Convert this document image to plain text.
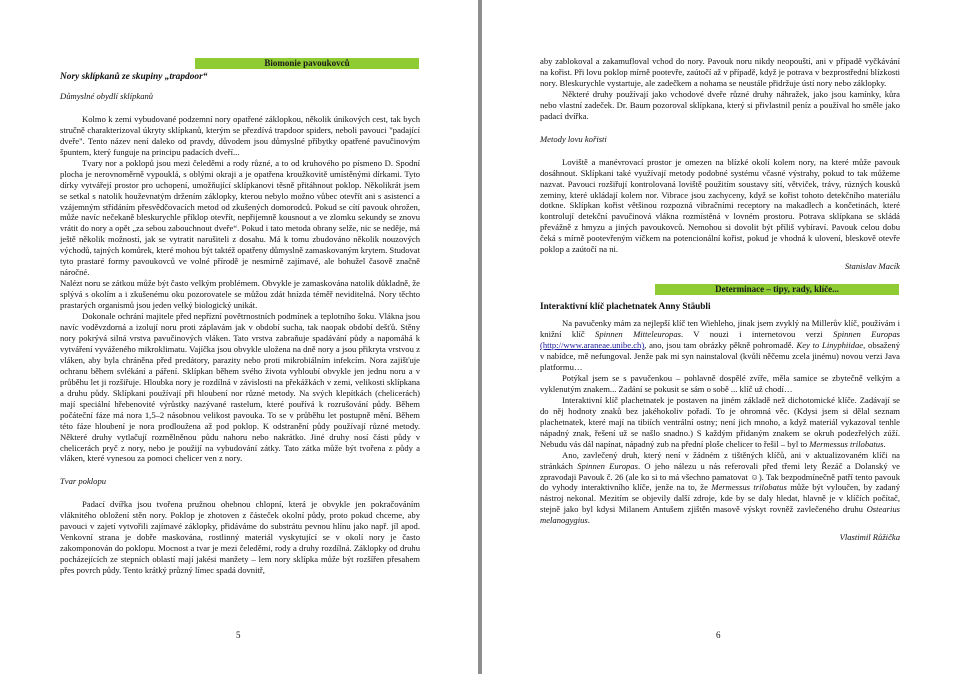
Biomonie pavoukovců
Nory sklípkanů ze skupiny „trapdoor“
Důmyslné obydlí sklípkanů

Kolmo k zemi vybudované podzemní nory opatřené záklopkou, několik únikových cest, tak bych stručně charakterizoval úkryty sklípkanů, kterým se přezdívá trapdoor spiders, neboli pavouci "padající dveře". Tento název není daleko od pravdy, důvodem jsou důmyslné příbytky opatřené pavučinovým špuntem, který funguje na principu padacích dveří...

Tvary nor a poklopů jsou mezi čeleděmi a rody různé, a to od kruhového po písmeno D. Spodní plocha je nerovnoměrně vypouklá, s oblými okraji a je opatřena kroužkovitě umístěnými dírkami. Tyto dírky vytvářejí prostor pro uchopení, umožňující sklípkanovi těsně přitáhnout poklop. Několikrát jsem se setkal s natolik houževnatým držením záklopky, kterou nebylo možno vůbec otevřít ani s asistencí a vzájemným střídáním přesvědčovacích metod od zkušených domorodců. Pokud se cítí pavouk ohrožen, může navíc nečekaně bleskurychle příklop otevřít, nepřijemně kousnout a ve zlomku sekundy se znovu vrátit do nory a opět „za sebou zabouchnout dveře“. Pokud i tato metoda obrany selže, nic se neděje, má ještě několik možností, jak se vytratit narušiteli z dosahu. Má k tomu zbudováno několik nouzových východů, tajných komůrek, které mohou být taktéž opatřeny důmyslně zamaskovaným krytem. Studovat tyto prastaré formy pavoukovců ve volné přírodě je nesmírně zajímavé, ale bohužel časově značně náročné.

Nalézt noru se zátkou může být často velkým problémem. Obvykle je zamaskována natolik důkladně, že splývá s okolím a i zkušenému oku pozorovatele se můžou zdát hnízda téměř neviditelná. Nory těchto prastarých organismů jsou jeden velký biologický unikát.

Dokonale ochrání majitele před nepřízní povětrnostních podmínek a teplotního šoku. Vlákna jsou navíc voděvzdorná a izolují noru proti záplavám jak v období sucha, tak naopak období dešťů. Stěny nory pokrývá silná vrstva pavučinových vláken. Tato vrstva zabraňuje spadávání půdy a napomáhá k vytváření vyváženého mikroklimatu. Vajíčka jsou obvykle uložena na dně nory a jsou přikryta vrstvou z vláken, aby byla chráněna před predátory, parazity nebo proti mikrobiálním infekcím. Nora zajišťuje ochranu během svlékání a páření. Sklípkan během svého života vyhloubí obvykle jen jednu noru a v průběhu let ji rozšiřuje. Hloubka nory je rozdílná v závislosti na překážkách v zemi, velikosti sklípkana a druhu půdy. Sklípkani používají při hloubení nor různé metody. Na svých klepítkách (chelicerách) mají speciální hřebenovité výrůstky nazývané rastelum, které pouřívá k rozrušování půdy. Během počáteční fáze má nora 1,5–2 násobnou velikost pavouka. To se v průběhu let postupně mění. Během této fáze hloubení je nora prodloužena až pod poklop. K odstranění půdy používají různé metody. Některé druhy vytlačují rozmělněnou půdu nahoru nebo nakrátko. Jiné druhy nosí části půdy v chelicerách pryč z nory, nebo je použijí na vybudování zátky. Tato zátka může být tvořena z půdy a vláken, které vynesou za pomoci chelicer ven z nory.

Tvar poklopu

Padací dvířka jsou tvořena pružnou ohebnou chlopní, která je obvykle jen pokračováním vláknitého obložení stěn nory. Poklop je zhotoven z částeček okolní půdy, proto pokud chceme, aby pavouci v zajetí vytvořili zajímavé záklopky, přidáváme do substrátu pevnou hlínu jako např. jíl apod. Venkovní strana je dobře maskována, rostlinný materiál vyskytující se v okolí nory je často zakomponován do poklopu. Mocnost a tvar je mezi čeleděmi, rody a druhy rozdílná. Záklopky od druhu pocházejících ze stepních oblastí mají jakési manžety – lem nory sklípka může být rozšířen přesahem přes povrch půdy. Tento krátký průzný límec spadá dovnitř,

5

aby zablokoval a zakamufloval vchod do nory. Pavouk noru nikdy neopouští, ani v případě vyčkávání na kořist. Při lovu poklop mírně pootevře, zaútočí až v případě, když je potrava v bezprostřední blízkosti nory. Bleskurychle vystartuje, ale zadečkem a nohama se neustále přidržuje ústí nory nebo záklopky.

Některé druhy používají jako vchodové dveře různé druhy náhražek, jako jsou kamínky, kůra nebo vlastní zadeček. Dr. Baum pozoroval sklípkana, který si přivlastnil peníz a používal ho směle jako padací dvířka.

Metody lovu kořisti

Loviště a manévrovací prostor je omezen na blízké okolí kolem nory, na které může pavouk dosáhnout. Sklípkani také využívají metody podobné systému včasné výstrahy, pokud to tak můžeme nazvat. Pavouci rozšiřují kontrolovaná loviště použitím soustavy sítí, větviček, trávy, rúzných kousků zeminy, které ukládají kolem nor. Vibrace jsou zachyceny, když se kořist tohoto detekčního materiálu dotkne. Sklípkan kořist většinou rozpozná vibračními receptory na makadlech a končetinách, které kontrolují detekční pavučinová vlákna rozmístěná v lovném prostoru. Potrava sklípkana se skládá převážně z hmyzu a jiných pavoukovců. Nemohou si dovolit být příliš vybíraví. Pavouk celou dobu čeká s mírně pootevřeným víčkem na potencionální kořist, pokud je vhodná k ulovení, bleskově otevře poklop a zaútočí na ni.

Stanislav Macík
Determinace – tipy, rady, klíče...
Interaktivní klíč plachetnatek Anny Stäubli

Na pavučenky mám za nejlepší klíč ten Wiehleho, jinak jsem zvyklý na Millerův klíč, používám i knižní klíč Spinnen Mitteleuropas. V nouzi i internetovou verzi Spinnen Europas (http://www.araneae.unibe.ch), ano, jsou tam obrázky pěkně pohromadě. Key to Linyphiidae, obsažený v nabídce, mě nefungoval. Jenže pak mi syn nainstaloval (kvůli něčemu zcela jinému) novou verzi Java platformu…

Potýkal jsem se s pavučenkou – pohlavně dospělé zvíře, měla samice se zbytečně velkým a vyklenutým znakem... Zadání se pokusit se sám o sobě ... klíč už chodí…

Interaktivní klíč plachetnatek je postaven na jiném základě než dichotomické klíče. Zadávají se do něj hodnoty znaků bez jakéhokoliv pořadí. To je ohromná věc. (Kdysi jsem si dělal seznam plachetnatek, které mají na tibiích ventrální ostny; není jich mnoho, a když materiál vykazoval tenhle nápadný znak, řešení už se našlo snadno.) S každým přidaným znakem se okruh podezřelých zúží. Nebudu vás dál napínat, nápadný zub na přední ploše chelicer to řešil – byl to Mermessus trilobatus.

Ano, zavlečený druh, který není v žádném z tištěných klíčů, ani v aktualizovaném klíči na stránkách Spinnen Europas. O jeho nálezu u nás referovali před třemi lety Řezáč a Dolanský ve zpravodaji Pavouk č. 26 (ale ko si to má všechno pamatovat ☺). Tak bezpodmínečně patří tento pavouk do vyhody interaktivního klíče, jenže na to, že Mermessus trilobatus může být vyloučen, by zadaný nástroj nekonal. Mezitím se objevily další zdroje, kde by se daly hledat, hlavně je v klíčích počítač, stejně jako byl kdysi Milanem Antušem zjištěn masově výskyt rovněž zavlečeného druhu Ostearius melanogygius.

Vlastimil Růžička
6
